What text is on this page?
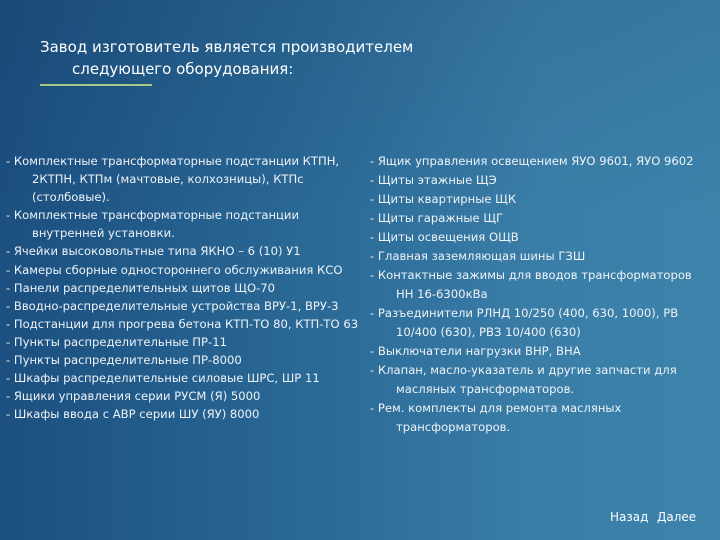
Завод изготовитель является производителем
следующего оборудования:
- Комплектные трансформаторные подстанции КТПН, 2КТПН, КТПм (мачтовые, колхозницы), КТПс (столбовые).
- Комплектные трансформаторные подстанции внутренней установки.
- Ячейки высоковольтные типа ЯКНО – 6 (10) У1
- Камеры сборные одностороннего обслуживания КСО
- Панели распределительных щитов ЩО-70
- Вводно-распределительные устройства ВРУ-1, ВРУ-3
- Подстанции для прогрева бетона КТП-ТО 80, КТП-ТО 63
- Пункты распределительные ПР-11
- Пункты распределительные ПР-8000
- Шкафы распределительные силовые ШРС, ШР 11
- Ящики управления серии РУСМ (Я) 5000
- Шкафы ввода с АВР серии ШУ (ЯУ) 8000
- Ящик управления освещением ЯУО 9601, ЯУО 9602
- Щиты этажные ЩЭ
- Щиты квартирные ЩК
- Щиты гаражные ЩГ
- Щиты освещения ОЩВ
- Главная заземляющая шины ГЗШ
- Контактные зажимы для вводов трансформаторов НН 16-6300кВа
- Разъединители РЛНД 10/250 (400, 630, 1000), РВ 10/400 (630), РВЗ 10/400 (630)
- Выключатели нагрузки ВНР, ВНА
- Клапан, масло-указатель и другие запчасти для масляных трансформаторов.
- Рем. комплекты для ремонта масляных трансформаторов.
Назад Далее
